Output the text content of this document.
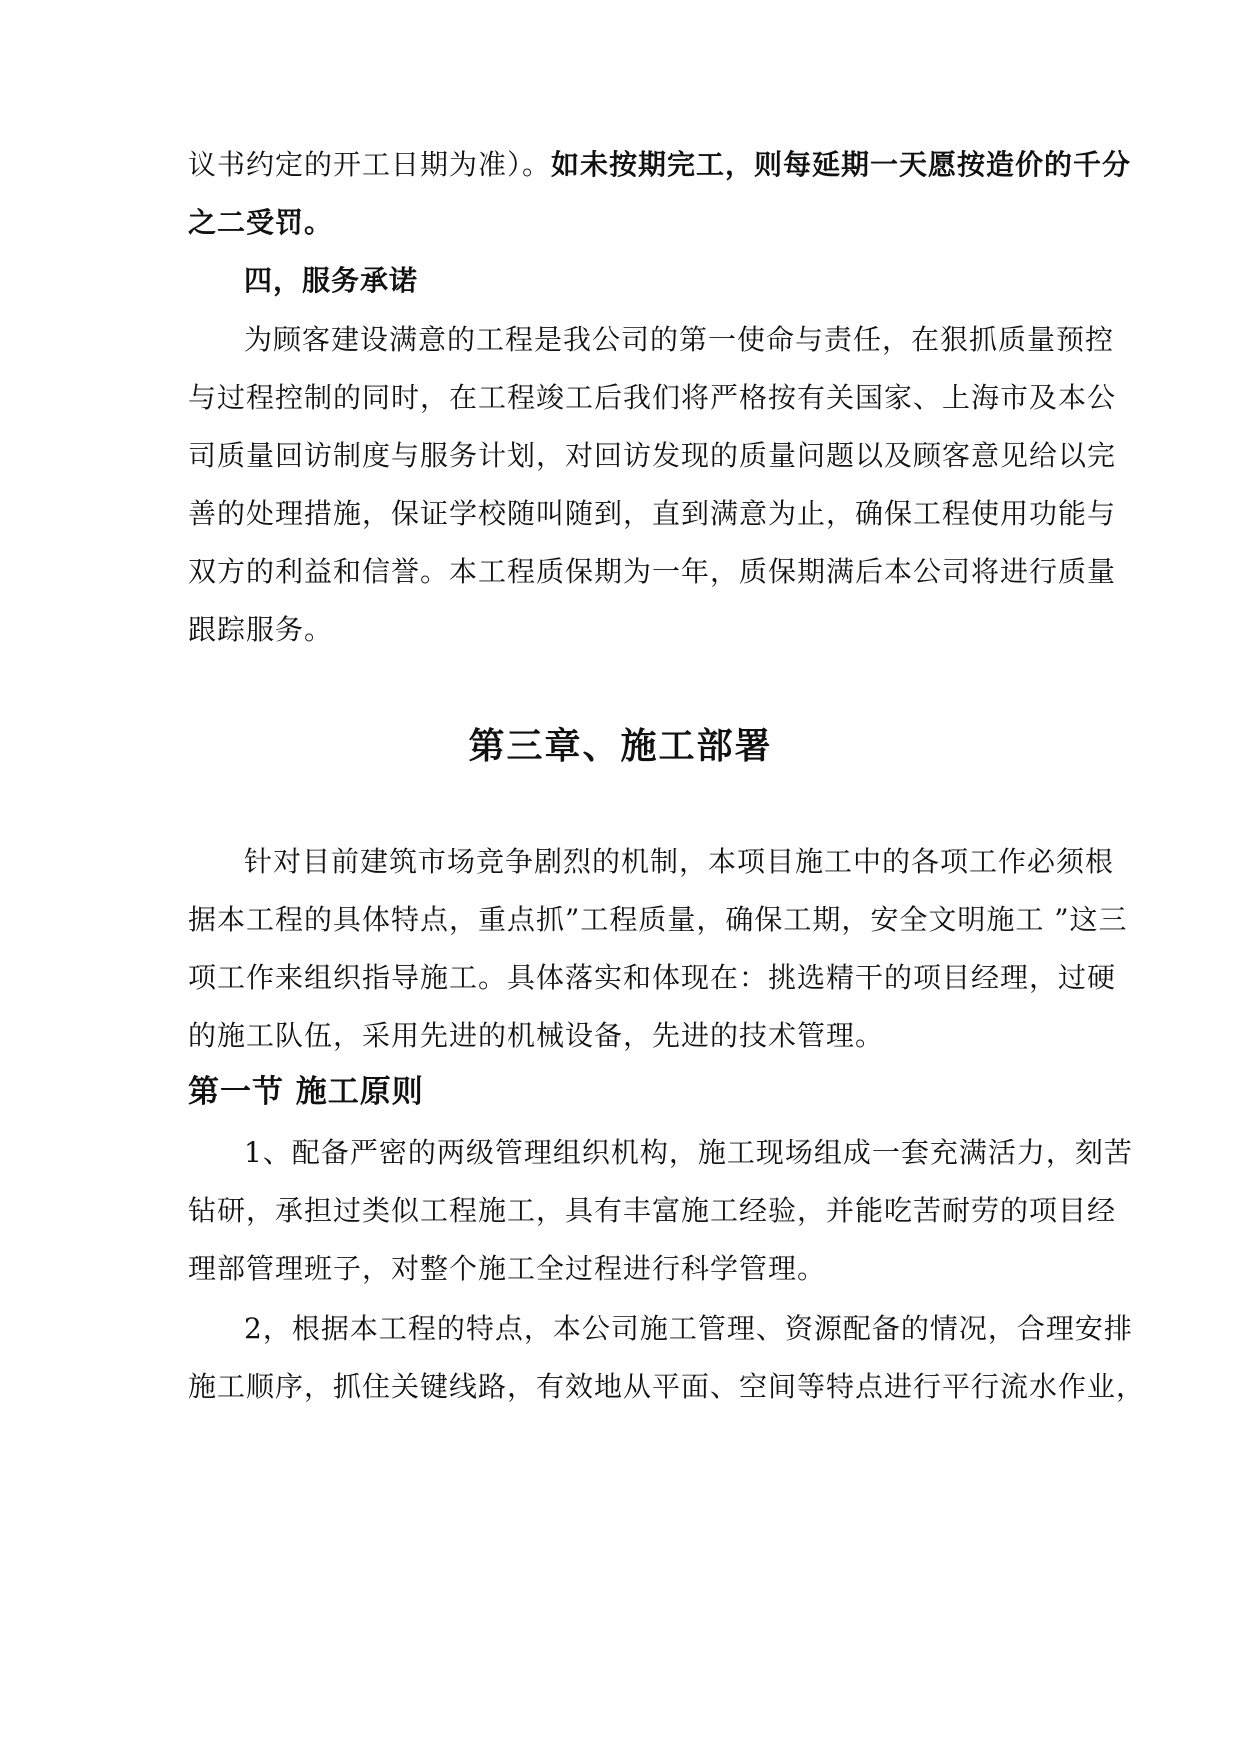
议书约定的开工日期为准）。如未按期完工，则每延期一天愿按造价的千分
之二受罚。
四，服务承诺
为顾客建设满意的工程是我公司的第一使命与责任，在狠抓质量预控
与过程控制的同时，在工程竣工后我们将严格按有关国家、上海市及本公
司质量回访制度与服务计划，对回访发现的质量问题以及顾客意见给以完
善的处理措施，保证学校随叫随到，直到满意为止，确保工程使用功能与
双方的利益和信誉。本工程质保期为一年，质保期满后本公司将进行质量
跟踪服务。
第三章、施工部署
针对目前建筑市场竞争剧烈的机制，本项目施工中的各项工作必须根
据本工程的具体特点，重点抓”工程质量，确保工期，安全文明施工 ”这三
项工作来组织指导施工。具体落实和体现在：挑选精干的项目经理，过硬
的施工队伍，采用先进的机械设备，先进的技术管理。
第一节 施工原则
1、配备严密的两级管理组织机构，施工现场组成一套充满活力，刻苦
钻研，承担过类似工程施工，具有丰富施工经验，并能吃苦耐劳的项目经
理部管理班子，对整个施工全过程进行科学管理。
2，根据本工程的特点，本公司施工管理、资源配备的情况，合理安排
施工顺序，抓住关键线路，有效地从平面、空间等特点进行平行流水作业，
